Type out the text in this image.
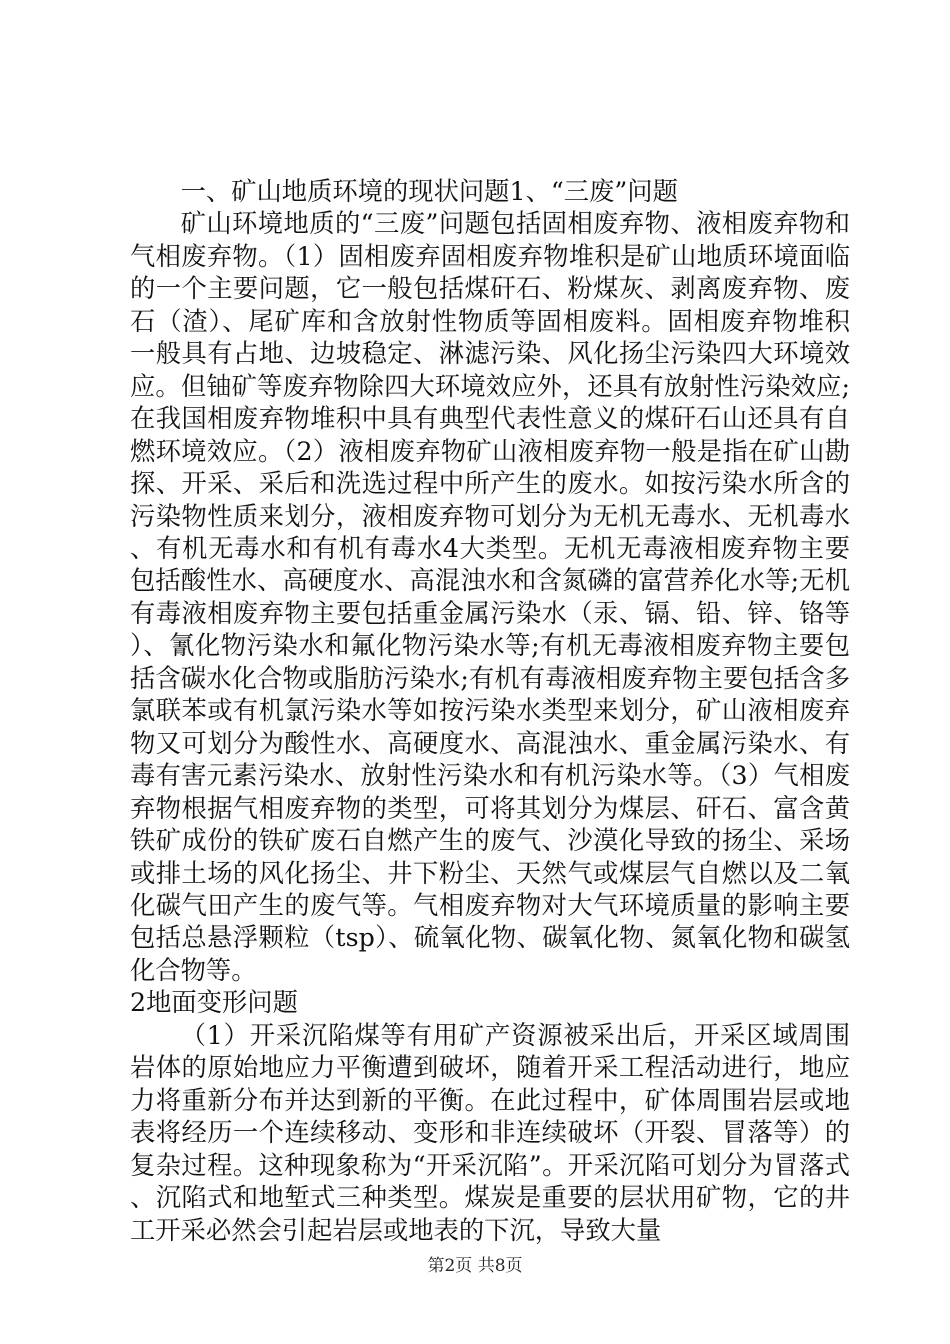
一、矿山地质环境的现状问题1、“三废”问题

矿山环境地质的“三废”问题包括固相废弃物、液相废弃物和气相废弃物。（1）固相废弃固相废弃物堆积是矿山地质环境面临的一个主要问题，它一般包括煤矸石、粉煤灰、剥离废弃物、废石（渣）、尾矿库和含放射性物质等固相废料。固相废弃物堆积一般具有占地、边坡稳定、淋滤污染、风化扬尘污染四大环境效应。但铀矿等废弃物除四大环境效应外，还具有放射性污染效应;在我国相废弃物堆积中具有典型代表性意义的煤矸石山还具有自燃环境效应。（2）液相废弃物矿山液相废弃物一般是指在矿山勘探、开采、采后和洗选过程中所产生的废水。如按污染水所含的污染物性质来划分，液相废弃物可划分为无机无毒水、无机毒水、有机无毒水和有机有毒水4大类型。无机无毒液相废弃物主要包括酸性水、高硬度水、高混浊水和含氮磷的富营养化水等;无机有毒液相废弃物主要包括重金属污染水（汞、镉、铅、锌、铬等）、氰化物污染水和氟化物污染水等;有机无毒液相废弃物主要包括含碳水化合物或脂肪污染水;有机有毒液相废弃物主要包括含多氯联苯或有机氯污染水等如按污染水类型来划分，矿山液相废弃物又可划分为酸性水、高硬度水、高混浊水、重金属污染水、有毒有害元素污染水、放射性污染水和有机污染水等。（3）气相废弃物根据气相废弃物的类型，可将其划分为煤层、矸石、富含黄铁矿成份的铁矿废石自燃产生的废气、沙漠化导致的扬尘、采场或排土场的风化扬尘、井下粉尘、天然气或煤层气自燃以及二氧化碳气田产生的废气等。气相废弃物对大气环境质量的影响主要包括总悬浮颗粒（tsp）、硫氧化物、碳氧化物、氮氧化物和碳氢化合物等。

2地面变形问题

（1）开采沉陷煤等有用矿产资源被采出后，开采区域周围岩体的原始地应力平衡遭到破坏，随着开采工程活动进行，地应力将重新分布并达到新的平衡。在此过程中，矿体周围岩层或地表将经历一个连续移动、变形和非连续破坏（开裂、冒落等）的复杂过程。这种现象称为“开采沉陷”。开采沉陷可划分为冒落式、沉陷式和地堑式三种类型。煤炭是重要的层状用矿物，它的井工开采必然会引起岩层或地表的下沉，导致大量

第2页 共8页
